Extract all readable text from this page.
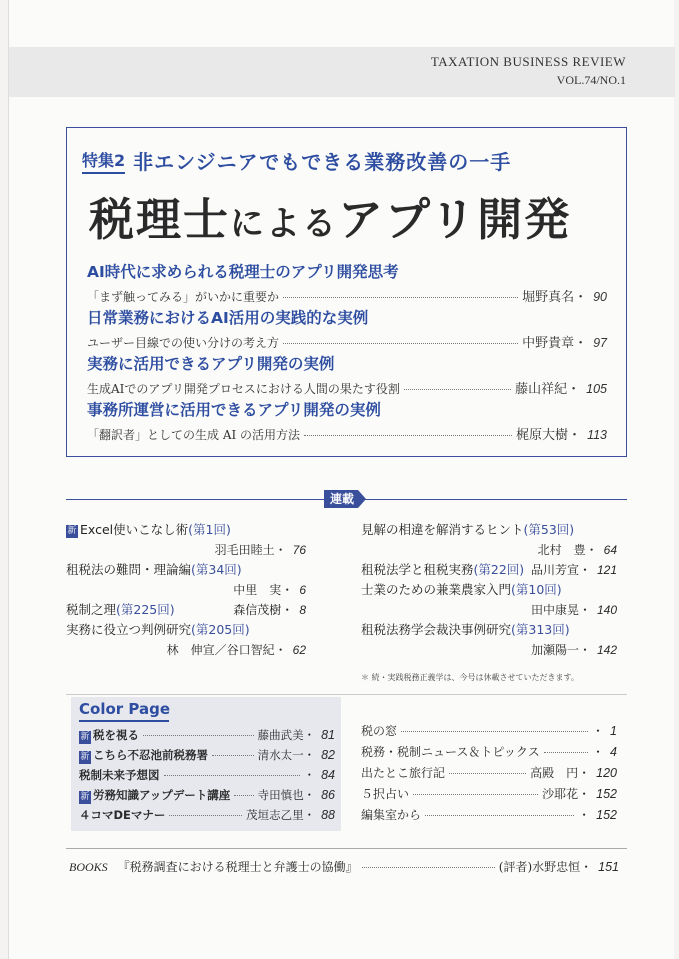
TAXATION BUSINESS REVIEW
VOL.74/NO.1
特集2 非エンジニアでもできる業務改善の一手
税理士によるアプリ開発
AI時代に求められる税理士のアプリ開発思考
「まず触ってみる」がいかに重要か	堀野真名・ 90
日常業務におけるAI活用の実践的な実例
ユーザー目線での使い分けの考え方	中野貴章・ 97
実務に活用できるアプリ開発の実例
生成AIでのアプリ開発プロセスにおける人間の果たす役割	藤山祥紀・ 105
事務所運営に活用できるアプリ開発の実例
「翻訳者」としての生成 AI の活用方法	梶原大樹・ 113
連載
新 Excel使いこなし術(第1回)
羽毛田睦土・ 76
租税法の難問・理論編(第34回)
中里　実・ 6
税制之理 (第225回)	森信茂樹・ 8
実務に役立つ判例研究(第205回)
林　伸宣／谷口智紀・ 62
見解の相違を解消するヒント(第53回)
北村　豊・ 64
租税法学と租税実務 (第22回) 品川芳宣・ 121
士業のための兼業農家入門(第10回)
田中康晃・ 140
租税法務学会裁決事例研究(第313回)
加瀬陽一・ 142
＊ 続・実践税務正義学は、今号は休載させていただきます。
Color Page
新 税を視る	藤曲武美・ 81
新 こちら不忍池前税務署	清水太一・ 82
税制未来予想図	・ 84
新 労務知識アップデート講座 寺田慎也・ 86
４コマDEマナー	茂垣志乙里・ 88
税の窓	・ 1
税務・税制ニュース＆トピックス	・ 4
出たとこ旅行記	高殿　円・ 120
５択占い	沙耶花・ 152
編集室から	・ 152
BOOKS 『税務調査における税理士と弁護士の協働』	(評者)水野忠恒・ 151
